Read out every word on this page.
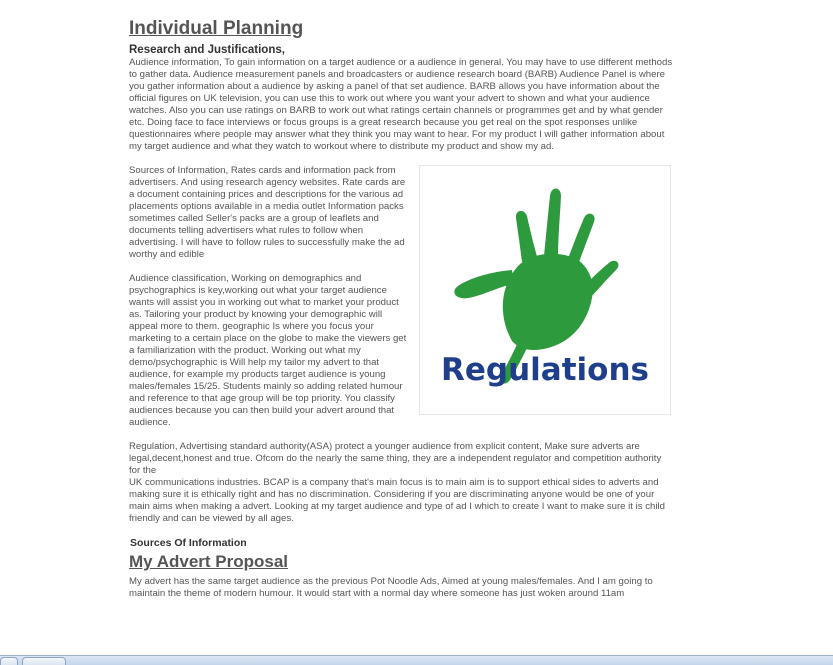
Individual Planning
Research and Justifications,

Audience information, To gain information on a target audience or a audience in general. You may have to use different methods to gather data. Audience measurement panels and broadcasters or audience research board (BARB) Audience Panel is where you gather information about a audience by asking a panel of that set audience. BARB allows you have information about the official figures on UK television, you can use this to work out where you want your advert to shown and what your audience watches. Also you can use ratings on BARB to work out what ratings certain channels or programmes get and by what gender etc. Doing face to face interviews or focus groups is a great research because you get real on the spot responses unlike questionnaires where people may answer what they think you may want to hear. For my product I will gather information about my target audience and what they watch to workout where to distribute my product and show my ad.

Regulations

Sources of Information, Rates cards and information pack from advertisers. And using research agency websites. Rate cards are a document containing prices and descriptions for the various ad placements options available in a media outlet Information packs sometimes called Seller's packs are a group of leaflets and documents telling advertisers what rules to follow when advertising. I will have to follow rules to successfully make the ad worthy and edible

Audience classification, Working on demographics and psychographics is key,working out what your target audience wants will assist you in working out what to market your product as. Tailoring your product by knowing your demographic will appeal more to them. geographic Is where you focus your marketing to a certain place on the globe to make the viewers get a familiarization with the product. Working out what my demo/psychographic is Will help my tailor my advert to that audience, for example my products target audience is young males/females 15/25. Students mainly so adding related humour and reference to that age group will be top priority. You classify audiences because you can then build your advert around that audience.

Regulation, Advertising standard authority(ASA) protect a younger audience from explicit content, Make sure adverts are legal,decent,honest and true. Ofcom do the nearly the same thing, they are a independent regulator and competition authority for the

UK communications industries. BCAP is a company that's main focus is to main aim is to support ethical sides to adverts and making sure it is ethically right and has no discrimination. Considering if you are discriminating anyone would be one of your main aims when making a advert. Looking at my target audience and type of ad I which to create I want to make sure it is child friendly and can be viewed by all ages.

Sources Of Information
My Advert Proposal

My advert has the same target audience as the previous Pot Noodle Ads, Aimed at young males/females. And I am going to maintain the theme of modern humour. It would start with a normal day where someone has just woken around 11am
